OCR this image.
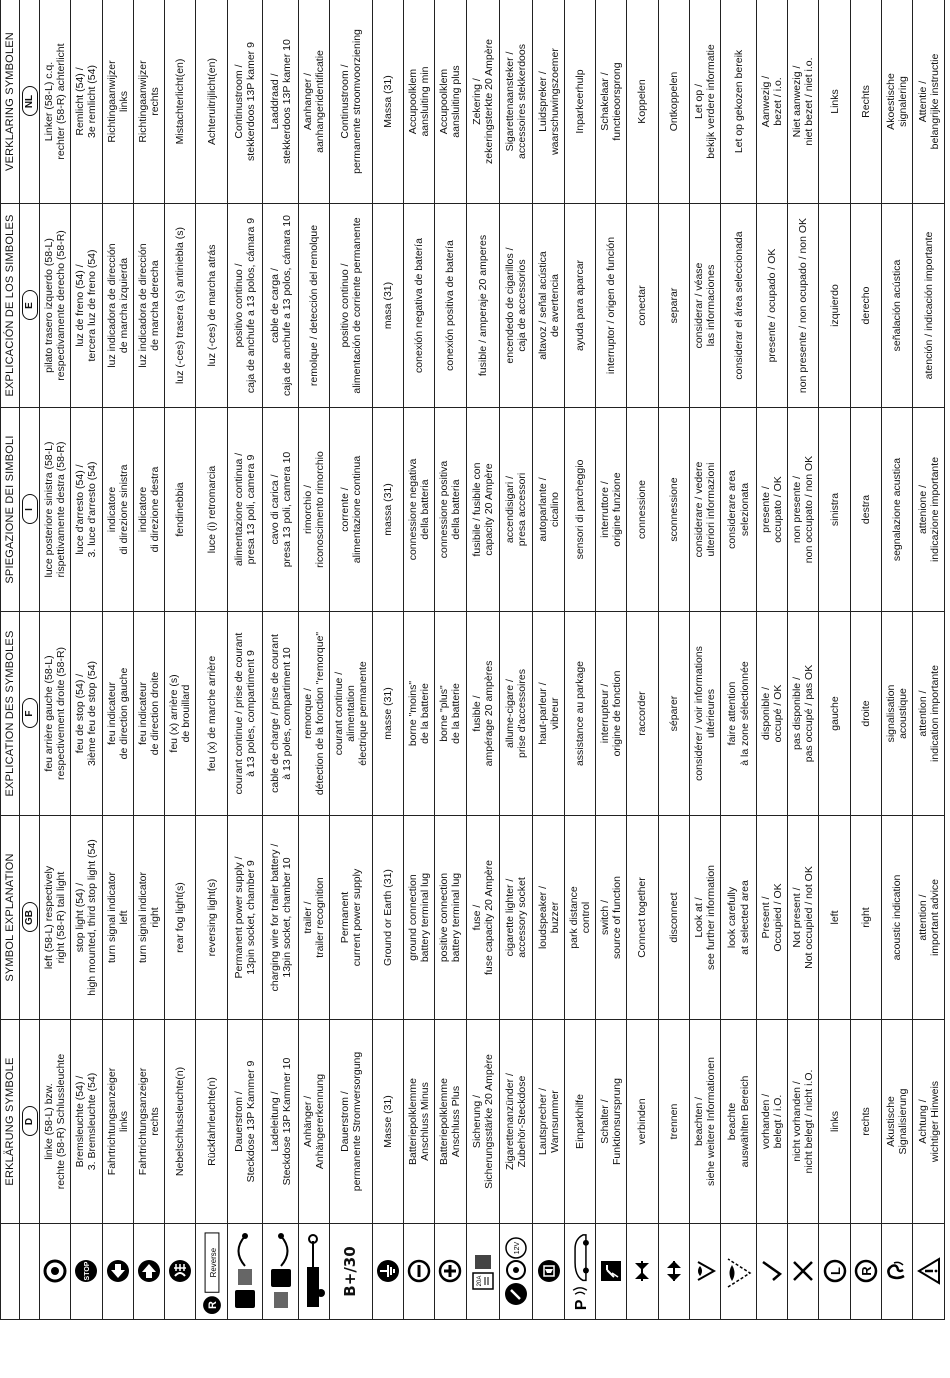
	ERKLÄRUNG SYMBOLE	SYMBOL EXPLANATION	EXPLICATION DES SYMBOLES	SPIEGAZIONE DEI SIMBOLI	EXPLICACIÓN DE LOS SIMBOLES	VERKLARING SYMBOLEN
	D	GB	F	I	E	NL

	linke (58-L) bzw.
rechte (58-R) Schlussleuchte	left (58-L) respectively
right (58-R) tail light	feu arrière gauche (58-L)
respectivement droite (58-R)	luce posteriore sinistra (58-L)
rispettivamente destra (58-R)	pilato trasero izquerdo (58-L)
respectivamente derecho (58-R)	Linker (58-L) c.q.
rechter (58-R) achterlicht

STOP	Bremsleuchte (54) /
3. Bremsleuchte (54)	stop light (54) /
high mounted, third stop light (54)	feu de stop (54) /
3ième feu de stop (54)	luce d'arresto (54) /
3. luce d'arresto (54)	luz de freno (54) /
tercera luz de freno (54)	Remlicht (54) /
3e remlicht (54)

	Fahrtrichtungsanzeiger
links	turn signal indicator
left	feu indicateur
de direction gauche	indicatore
di direzione sinistra	luz indicadora de dirección
de marcha izquierda	Richtingaanwijzer
links

	Fahrtrichtungsanzeiger
rechts	turn signal indicator
right	feu indicateur
de direction droite	indicatore
di direzione destra	luz indicadora de dirección
de marcha derecha	Richtingaanwijzer
rechts

	Nebelschlussleuchte(n)	rear fog light(s)	feu (x) arrière (s)
de brouillard	fendinebbia	luz (-ces) trasera (s) antiniebla (s)	Mistachterlicht(en)

R
Reverse	Rückfahrleuchte(n)	reversing light(s)	feu (x) de marche arrière	luce (i) retromarcia	luz (-ces) de marcha atrás	Achteruitrijlicht(en)

	Dauerstrom /
Steckdose 13P Kammer 9	Permanent power supply /
13pin socket, chamber 9	courant continue / prise de courant
à 13 poles, compartiment 9	alimentazione continua /
presa 13 poli, camera 9	positivo continuo /
caja de anchufe a 13 polos, cámara 9	Continustroom /
stekkerdoos 13P kamer 9

	Ladeleitung /
Steckdose 13P Kammer 10	charging wire for trailer battery /
13pin socket, chamber 10	cable de charge / prise de courant
à 13 poles, compartiment 10	cavo di carica /
presa 13 poli, camera 10	cable de carga /
caja de anchufe a 13 polos, cámara 10	Laaddraad /
stekkerdoos 13P kamer 10

	Anhänger /
Anhängererkennung	trailer /
trailer recognition	remorque /
détection de la fonction "remorque"	rimorchio /
riconoscimento rimorchio	remolque / detección del remolque	Aanhanger /
aanhangeridentificatie

B+/30	Dauerstrom /
permanente Stromversorgung	Permanent
current power supply	courant continue /
alimentation
électrique permanente	corrente /
alimentazione continua	positivo continuo /
alimentación de corriente permanente	Continustroom /
permanente stroomvoorziening

	Masse (31)	Ground or Earth (31)	masse (31)	massa (31)	masa (31)	Massa (31)

	Batteriepolklemme
Anschluss Minus	ground connection
battery terminal lug	borne "moins"
de la batterie	connessione negativa
della batteria	conexión negativa de batería	Accupoolklem
aansluiting min

	Batteriepolklemme
Anschluss Plus	positive connection
battery terminal lug	borne "plus"
de la batterie	connessione positiva
della batteria	conexión positiva de batería	Accupoolklem
aansluiting plus

20A	Sicherung /
Sicherungsstärke 20 Ampère	fuse /
fuse capacity 20 Ampère	fusible /
ampérage 20 ampères	fusibile / fusibile con
capacity 20 Ampère	fusible / amperaje 20 amperes	Zekering /
zekeringsterkte 20 Ampère

12V	Zigarettenanzünder /
Zubehör-Steckdose	cigarette lighter /
accessory socket	allume-cigare /
prise d'accessoires	accendisigari /
presa accessori	encendedo de cigarillos /
caja de accessorios	Sigarettenaansteker /
accessoires stekkerdoos

	Lautsprecher /
Warnsummer	loudspeaker /
buzzer	haut-parleur /
vibreur	autoparlante /
cicalino	altavoz / señal acústica
de avertencia	Luidspreker /
waarschuwingszoemer

P	Einparkhilfe	park distance
control	assistance au parkage	sensori di parcheggio	ayuda para aparcar	Inparkeerhulp

	Schalter /
Funktionsursprung	switch /
source of function	interrupteur /
origine de fonction	interruttore /
origine funzione	interruptor / origen de función	Schakelaar /
functieoorsprong

	verbinden	Connect together	raccorder	connessione	conectar	Koppelen

	trennen	disconnect	séparer	sconnessione	separar	Ontkoppelen

	beachten /
siehe weitere Informationen	Look at /
see further information	considérer / voir informations
ultérieures	considerare / vedere
ulteriori informazioni	considerar / véase
las informaciones	Let op /
bekijk verdere informatie

	beachte
auswählten Bereich	look carefully
at selected area	faire attention
à la zone sélectionnée	considerare area
selezionata	considerar el área seleccionada	Let op gekozen bereik

	vorhanden /
belegt / i.O.	Present /
Occupied / OK	disponible /
occupé / OK	presente /
occupato / OK	presente / ocupado / OK	Aanwezig /
bezet / i.o.

	nicht vorhanden /
nicht belegt / nicht i.O.	Not present /
Not occupied / not OK	pas disponible /
pas occupé / pas OK	non presente /
non occupato / non OK	non presente / non ocupado / non OK	Niet aanwezig /
niet bezet / niet i.o.

L	links	left	gauche	sinistra	izquierdo	Links

R	rechts	right	droite	destra	derecho	Rechts

	Akustische
Signalisierung	acoustic indication	signalisation
acoustique	segnalazione acustica	señalación acústica	Akoestische
signalering

	Achtung /
wichtiger Hinweis	attention /
important advice	attention /
indication importante	attenione /
indicazione importante	atención / indicación importante	Attentie /
belangrijke instructie
